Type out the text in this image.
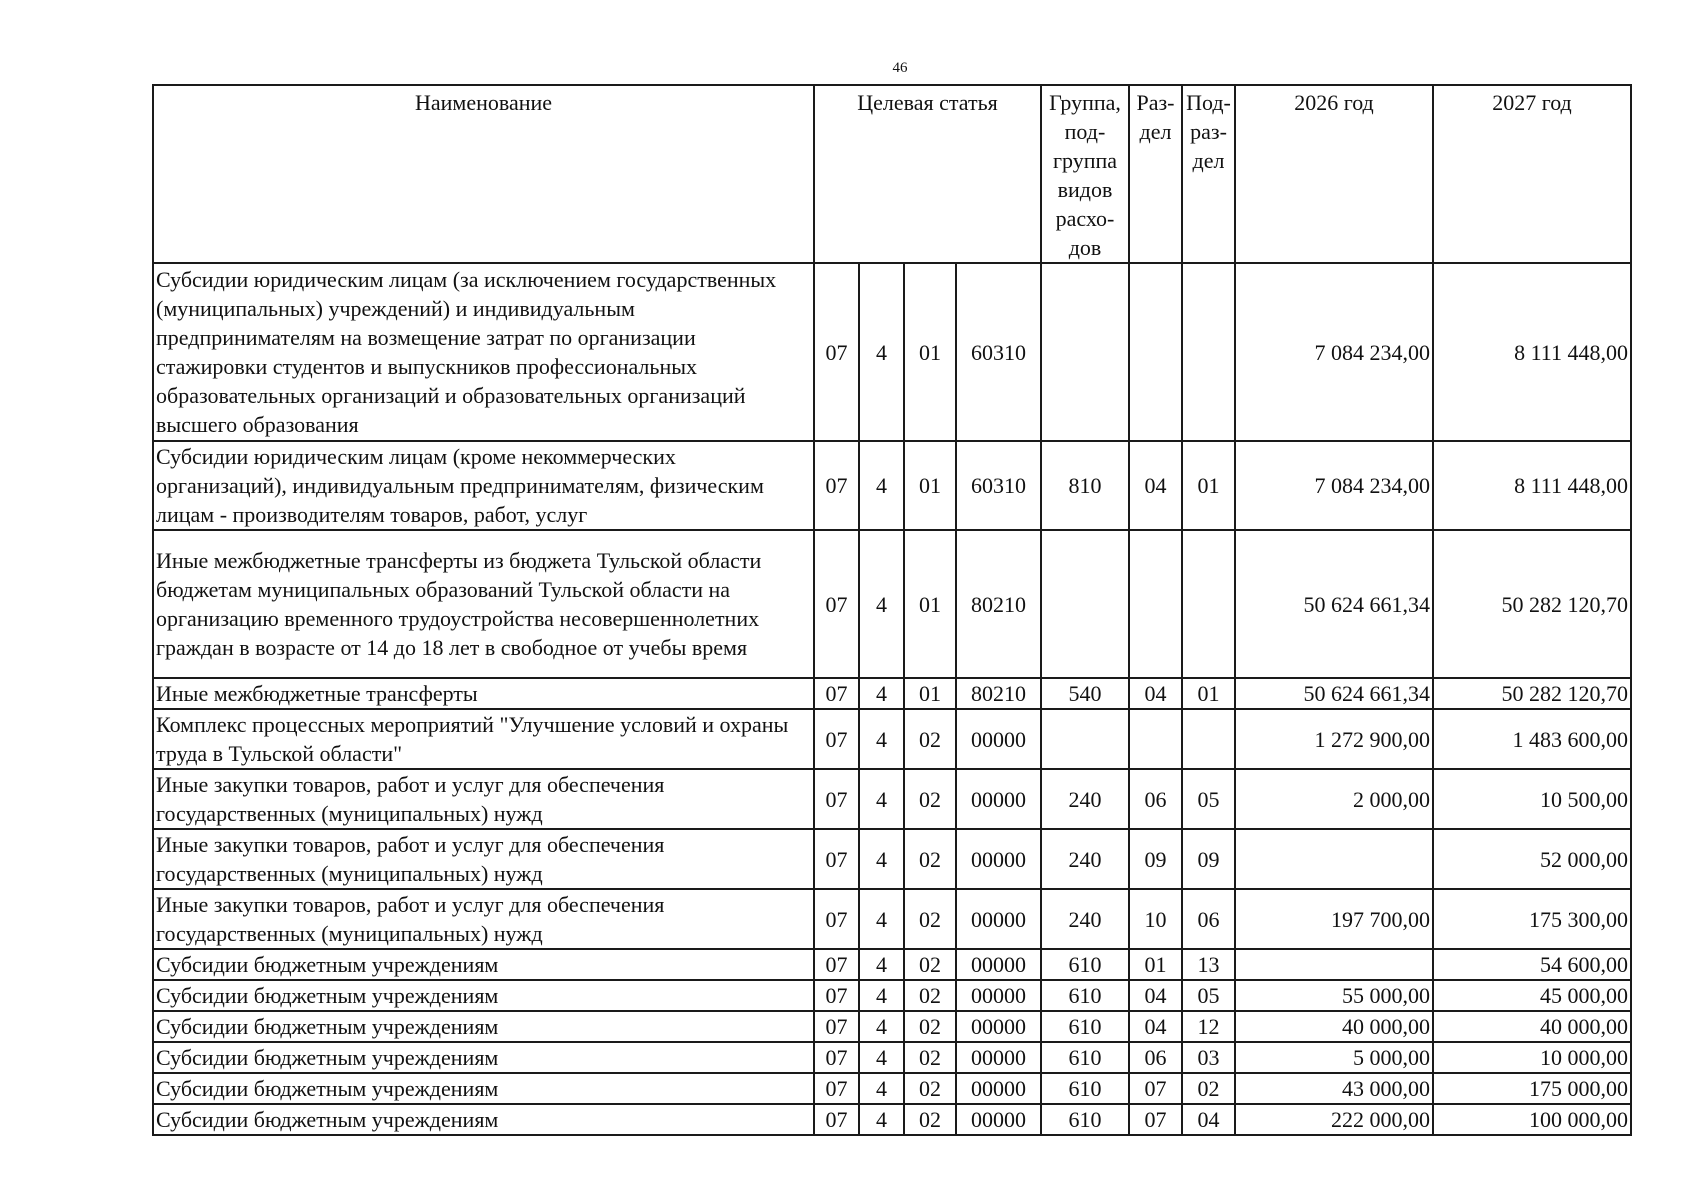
46
Наименование	Целевая статья				Группа, под-группа видов расхо-дов	Раз-дел	Под-раз-дел	2026 год	2027 год
Субсидии юридическим лицам (за исключением государственных (муниципальных) учреждений) и индивидуальным предпринимателям на возмещение затрат по организации стажировки студентов и выпускников профессиональных образовательных организаций и образовательных организаций высшего образования	07	4	01	60310				7 084 234,00	8 111 448,00
Субсидии юридическим лицам (кроме некоммерческих организаций), индивидуальным предпринимателям, физическим лицам - производителям товаров, работ, услуг	07	4	01	60310	810	04	01	7 084 234,00	8 111 448,00
Иные межбюджетные трансферты из бюджета Тульской области бюджетам муниципальных образований Тульской области на организацию временного трудоустройства несовершеннолетних граждан в возрасте от 14 до 18 лет в свободное от учебы время	07	4	01	80210				50 624 661,34	50 282 120,70
Иные межбюджетные трансферты	07	4	01	80210	540	04	01	50 624 661,34	50 282 120,70
Комплекс процессных мероприятий "Улучшение условий и охраны труда в Тульской области"	07	4	02	00000				1 272 900,00	1 483 600,00
Иные закупки товаров, работ и услуг для обеспечения государственных (муниципальных) нужд	07	4	02	00000	240	06	05	2 000,00	10 500,00
Иные закупки товаров, работ и услуг для обеспечения государственных (муниципальных) нужд	07	4	02	00000	240	09	09		52 000,00
Иные закупки товаров, работ и услуг для обеспечения государственных (муниципальных) нужд	07	4	02	00000	240	10	06	197 700,00	175 300,00
Субсидии бюджетным учреждениям	07	4	02	00000	610	01	13		54 600,00
Субсидии бюджетным учреждениям	07	4	02	00000	610	04	05	55 000,00	45 000,00
Субсидии бюджетным учреждениям	07	4	02	00000	610	04	12	40 000,00	40 000,00
Субсидии бюджетным учреждениям	07	4	02	00000	610	06	03	5 000,00	10 000,00
Субсидии бюджетным учреждениям	07	4	02	00000	610	07	02	43 000,00	175 000,00
Субсидии бюджетным учреждениям	07	4	02	00000	610	07	04	222 000,00	100 000,00
